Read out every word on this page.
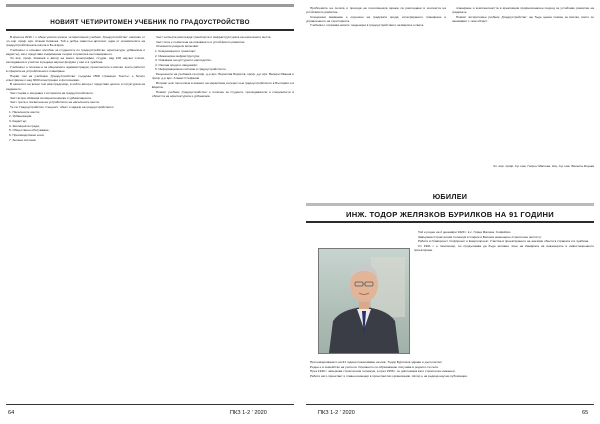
НОВИЯТ ЧЕТИРИТОМЕН УЧЕБНИК ПО ГРАДОУСТРОЙСТВО

В края на 2019 г. с общи усилия излезе четиритомния учебник „Градоустройство“ написан от чл.-кор. проф. арх. Атанас Ковачев. Той е добре известен архитект, един от основателите на градоустройствената школа в България.

Учебникът е основно пособие за студентите по градоустройство, архитектура, урбанизъм и кадастър, като представя съвременна теория и практика на планирането.

Чл.-кор. проф. Ковачев е автор на много монографии, студии, над 100 научни статии, изследвания и участие в редица научни форуми у нас и в чужбина.

Учебникът е полезен и за общинските администрации, проектантите и всички, които работят в сферата на устройственото планиране.

Първи том на учебника „Градоустройство“ съдържа 1500 страници. Текстът е богато илюстриран с над 3000 илюстрации и фотоснимки.

В началото на всеки том има предговор, в който авторът представя целите и структурата на изданието:

Част първа е свързана с историята на градоустройството.

Част втора обхваща селищната мрежа и урбанизацията.

Част трета е посветена на устройството на населените места.

Те са: Градоустройство. Същност, обект и задачи на градоустройството:

1. Населените места;

2. Урбанизация;

3. Кадастър;

4. Жилищната среда;

5. Обществено обслужване;

6. Производствени зони;

7. Зелена система.

Част четвърта разглежда транспорта и инфраструктурата на населените места.

Част пета е посветена на опазването и устойчивото развитие.

Основните раздели включват:

1. Комуникации и транспорт;

2. Инженерна инфраструктура;

3. Опазване на културното наследство;

4. Околна среда и ландшафт;

5. Информационни системи в градоустройството.

Рецензенти на учебника са проф. д-р арх. Борислав Борисов, проф. д-р арх. Валери Иванов и проф. д-р арх. Атанас Стефанов.

Вторият нов том излиза в момент на нарастващ интерес към градоустройството в България и в Европа.

Новият учебник „Градоустройство“ е полезен за студенти, преподаватели и специалисти в областта на архитектурата и урбанизма.

64	ПКЗ 1-2 ' 2020

Проблемите на селата и прехода на поселищната мрежа са разгледани в контекста на устойчивото развитие.

Специално внимание е отделено на градската среда, интегрираното планиране и управлението на територията.

Учебникът отразява новите тенденции в градоустройството на Европа и света.

планиране и комплексността в креативния професионален подход за устойчиво развитие на градовете.

Новият четиритомен учебник „Градоустройство“ ще бъде ценна помощ за всички, които се занимават с тази област.

Чл.-кор. проф. д-р инж. Георги Матеев, доц. д-р инж. Венета Коцева
ЮБИЛЕИ
ИНЖ. ТОДОР ЖЕЛЯЗКОВ БУРИЛКОВ НА 91 ГОДИНИ

Той е роден на 2 декември 1929 г. в с. Горна Малина, Софийско.

Завършва Строителния техникум в София и Висшия инженерно-строителен институт.

Работи в Главпроект, Софпроект и Енергопроект. Участва в проектирането на значими обекти в страната и в чужбина.

От 1991 г. е пенсионер, но продължава да бъде активен член на Камарата на инженерите в инвестиционното проектиране.

При навършването на 91 години пожелаваме на инж. Тодор Бурилков здраве и дълголетие!

Роден е в семейство на учители. Основното си образование получава в родното си село.

През 1949 г. завършва строителния техникум, а през 1956 г. се дипломира като строителен инженер.

Работи като проектант и главен инженер в проектантски организации. Автор е на редица научни публикации.

ПКЗ 1-2 ' 2020	65
